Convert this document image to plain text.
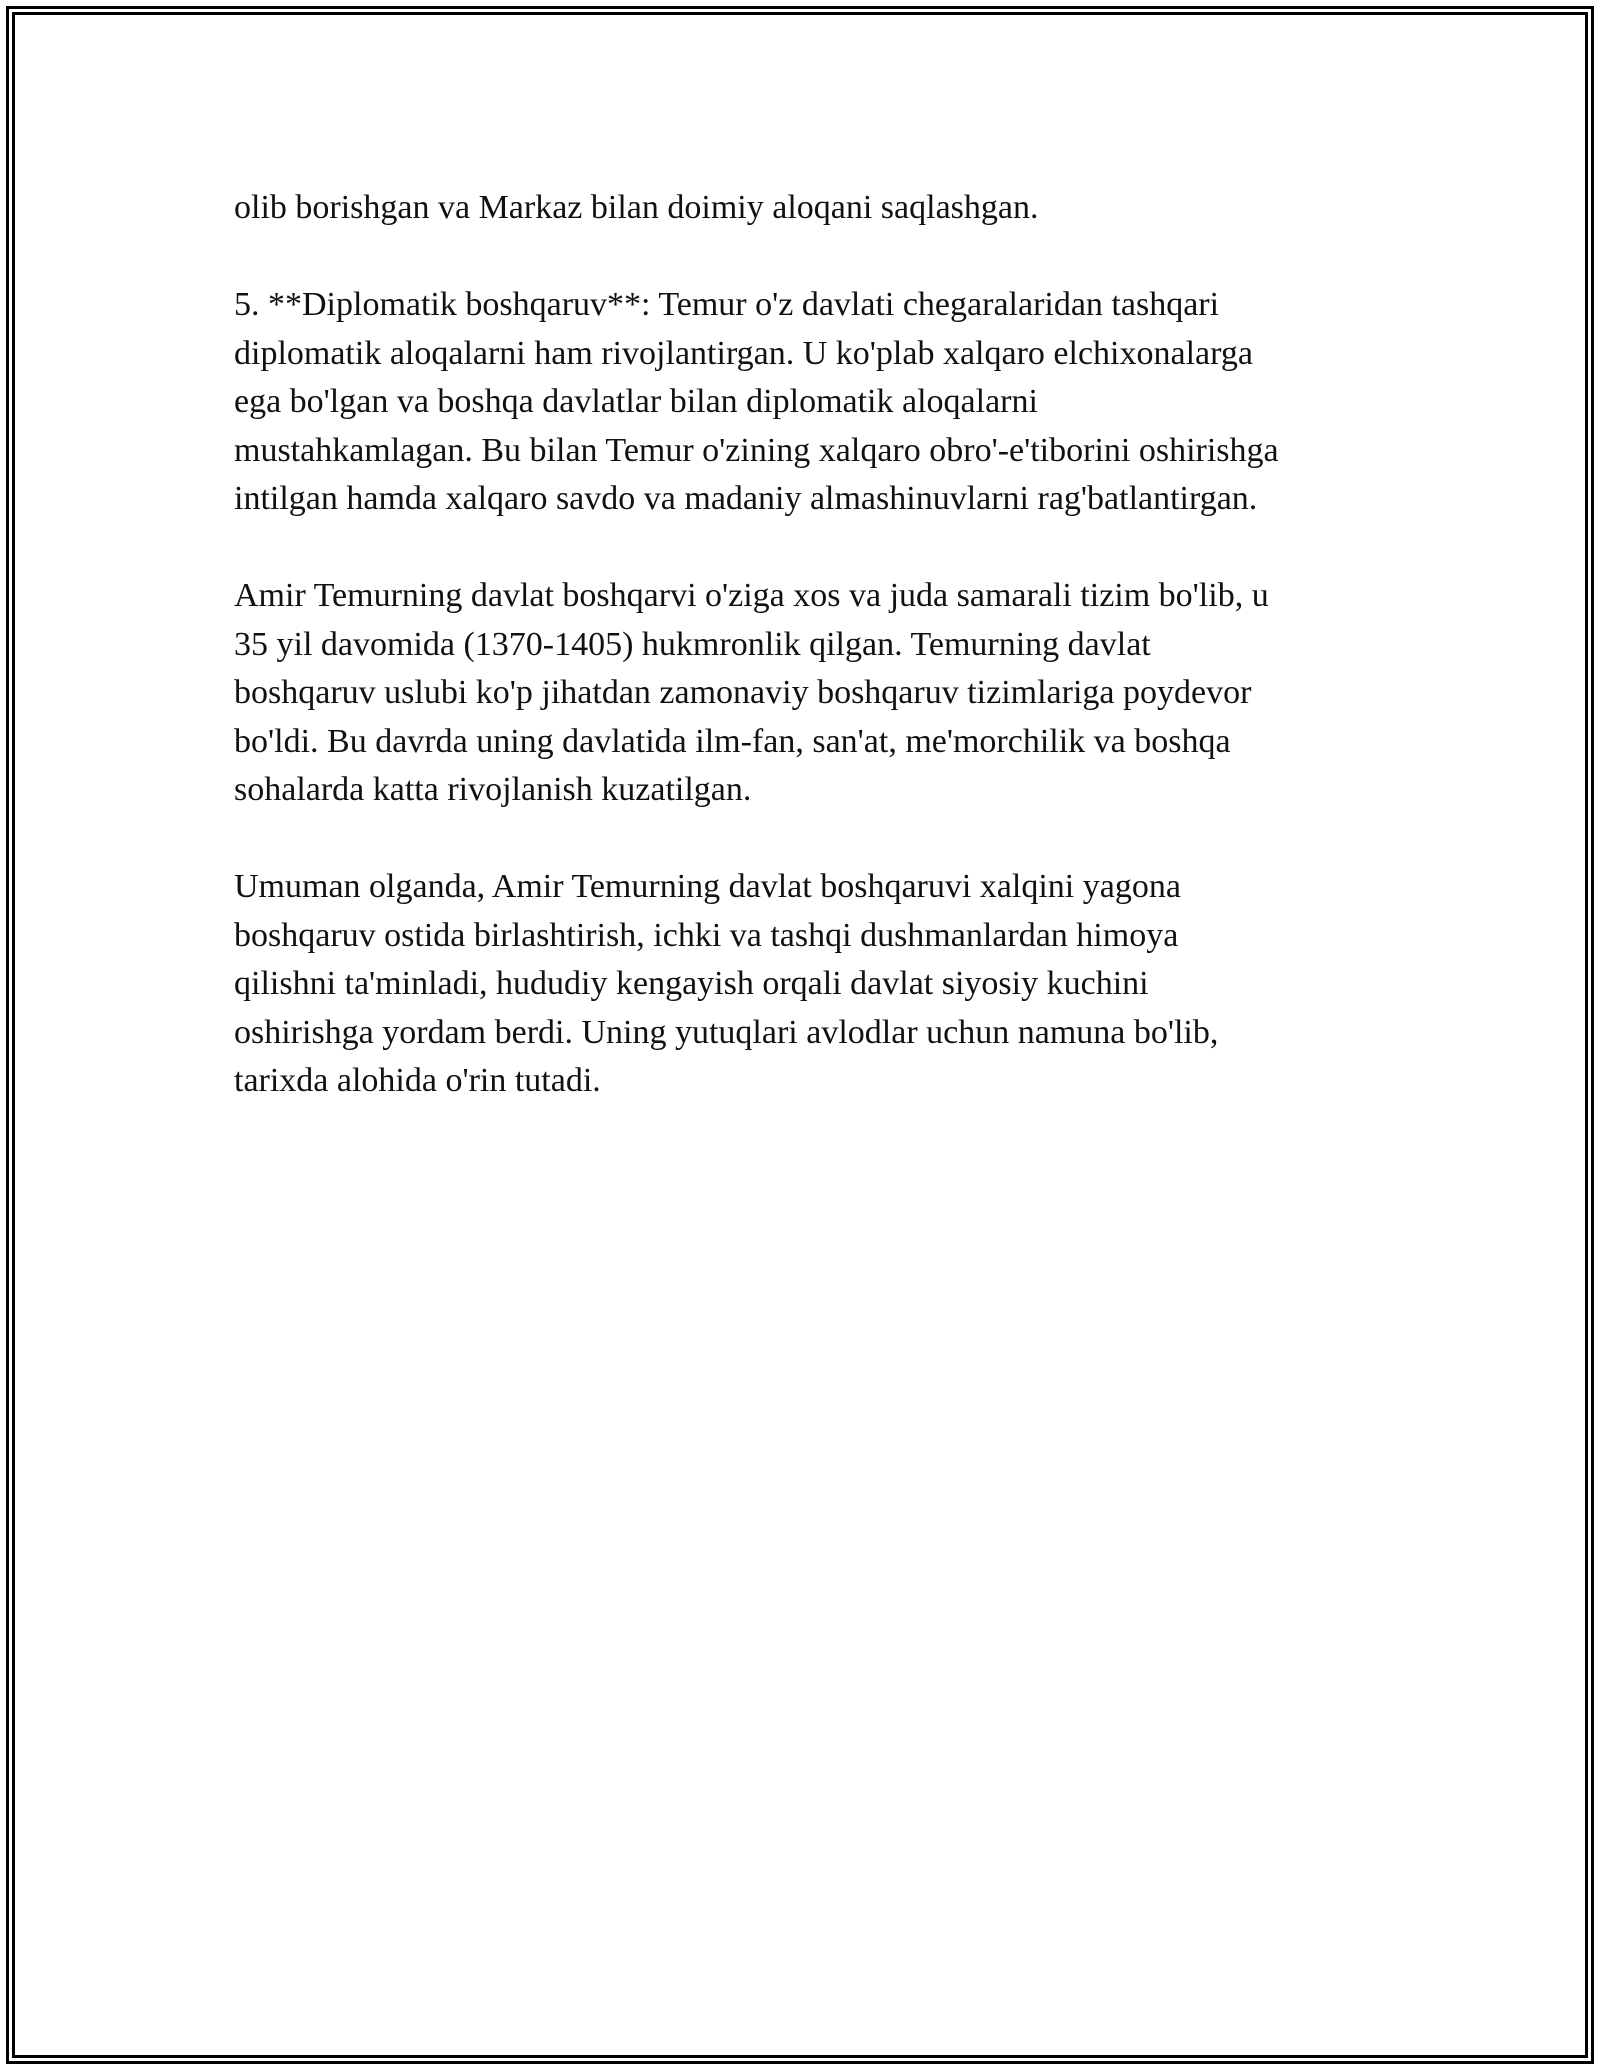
olib borishgan va Markaz bilan doimiy aloqani saqlashgan.

5. **Diplomatik boshqaruv**: Temur o'z davlati chegaralaridan tashqari
diplomatik aloqalarni ham rivojlantirgan. U ko'plab xalqaro elchixonalarga
ega bo'lgan va boshqa davlatlar bilan diplomatik aloqalarni
mustahkamlagan. Bu bilan Temur o'zining xalqaro obro'-e'tiborini oshirishga
intilgan hamda xalqaro savdo va madaniy almashinuvlarni rag'batlantirgan.

Amir Temurning davlat boshqarvi o'ziga xos va juda samarali tizim bo'lib, u
35 yil davomida (1370-1405) hukmronlik qilgan. Temurning davlat
boshqaruv uslubi ko'p jihatdan zamonaviy boshqaruv tizimlariga poydevor
bo'ldi. Bu davrda uning davlatida ilm-fan, san'at, me'morchilik va boshqa
sohalarda katta rivojlanish kuzatilgan.

Umuman olganda, Amir Temurning davlat boshqaruvi xalqini yagona
boshqaruv ostida birlashtirish, ichki va tashqi dushmanlardan himoya
qilishni ta'minladi, hududiy kengayish orqali davlat siyosiy kuchini
oshirishga yordam berdi. Uning yutuqlari avlodlar uchun namuna bo'lib,
tarixda alohida o'rin tutadi.
